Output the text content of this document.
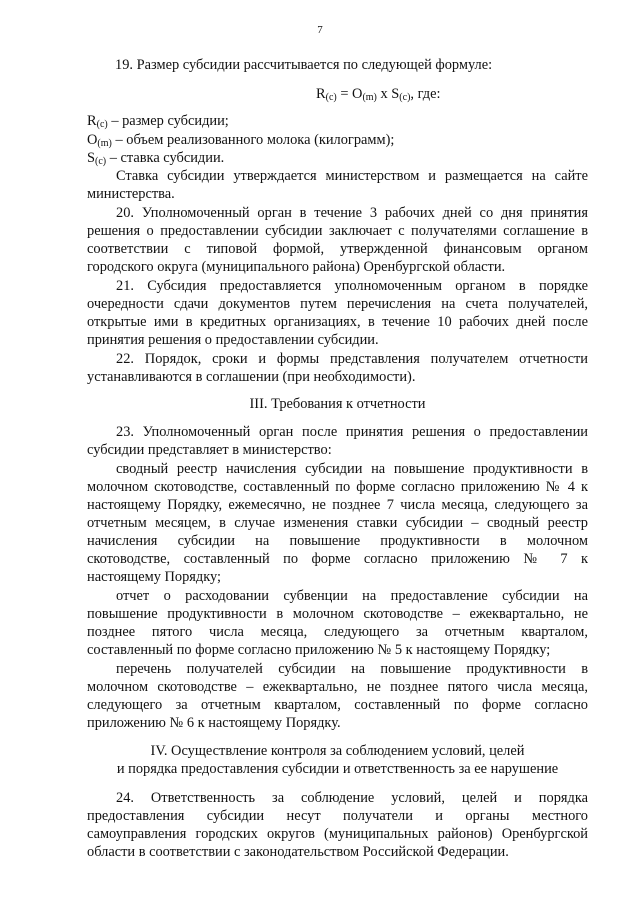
7
19. Размер субсидии рассчитывается по следующей формуле:
$R_{(c)} = O_{(m)}$ x $S_{(c)}$, где:
$R_{(c)}$ – размер субсидии;
$O_{(m)}$ – объем реализованного молока (килограмм);
$S_{(c)}$ – ставка субсидии.
Ставка субсидии утверждается министерством и размещается на сайте
министерства.
20. Уполномоченный орган в течение 3 рабочих дней со дня принятия
решения о предоставлении субсидии заключает с получателями соглашение в
соответствии с типовой формой, утвержденной финансовым органом
городского округа (муниципального района) Оренбургской области.
21. Субсидия предоставляется уполномоченным органом в порядке
очередности сдачи документов путем перечисления на счета получателей,
открытые ими в кредитных организациях, в течение 10 рабочих дней после
принятия решения о предоставлении субсидии.
22. Порядок, сроки и формы представления получателем отчетности
устанавливаются в соглашении (при необходимости).
III. Требования к отчетности
23. Уполномоченный орган после принятия решения о предоставлении
субсидии представляет в министерство:
сводный реестр начисления субсидии на повышение продуктивности в
молочном скотоводстве, составленный по форме согласно приложению № 4 к
настоящему Порядку, ежемесячно, не позднее 7 числа месяца, следующего за
отчетным месяцем, в случае изменения ставки субсидии – сводный реестр
начисления субсидии на повышение продуктивности в молочном
скотоводстве, составленный по форме согласно приложению № 7 к
настоящему Порядку;
отчет о расходовании субвенции на предоставление субсидии на
повышение продуктивности в молочном скотоводстве – ежеквартально, не
позднее пятого числа месяца, следующего за отчетным кварталом,
составленный по форме согласно приложению № 5 к настоящему Порядку;
перечень получателей субсидии на повышение продуктивности в
молочном скотоводстве – ежеквартально, не позднее пятого числа месяца,
следующего за отчетным кварталом, составленный по форме согласно
приложению № 6 к настоящему Порядку.
IV. Осуществление контроля за соблюдением условий, целей
и порядка предоставления субсидии и ответственность за ее нарушение
24. Ответственность за соблюдение условий, целей и порядка
предоставления субсидии несут получатели и органы местного
самоуправления городских округов (муниципальных районов) Оренбургской
области в соответствии с законодательством Российской Федерации.
